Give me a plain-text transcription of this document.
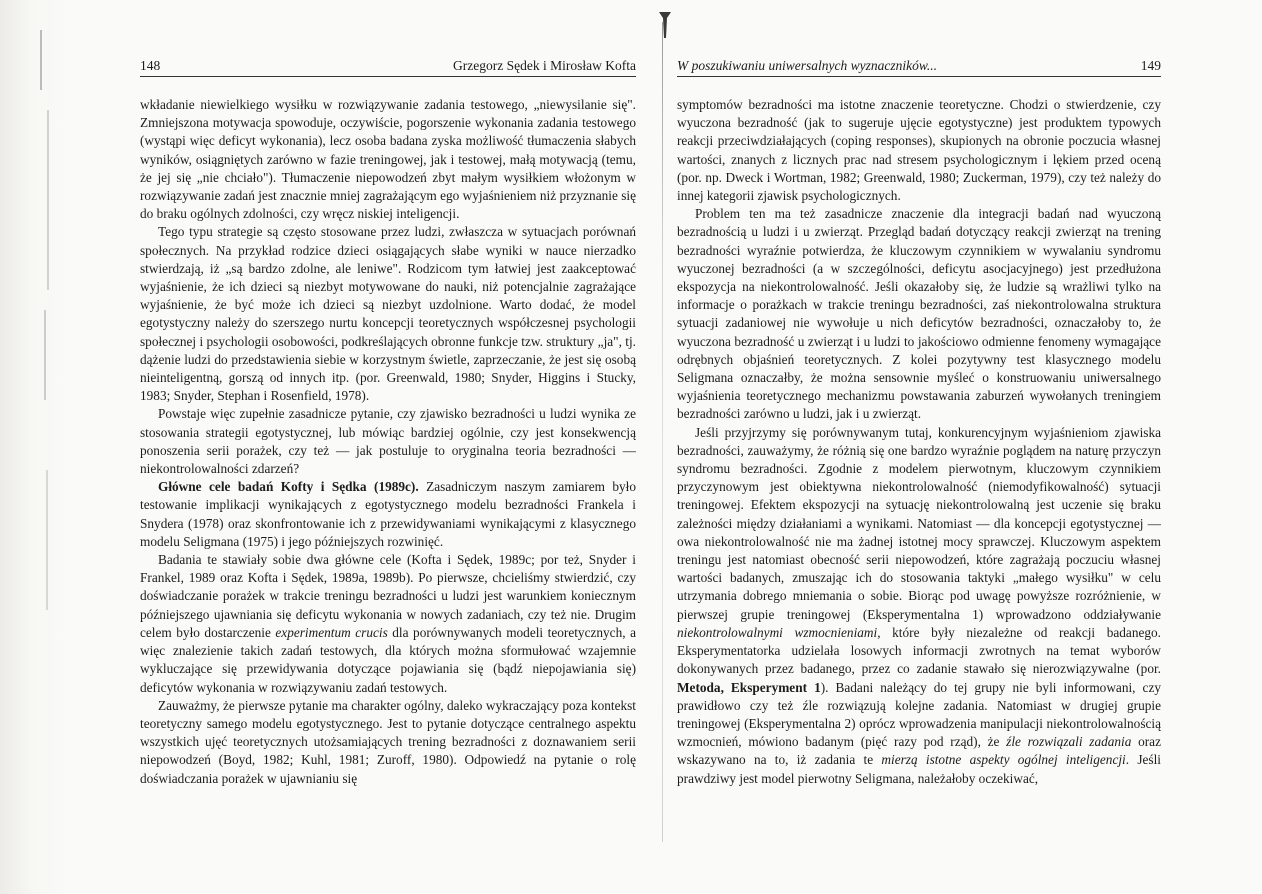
148	Grzegorz Sędek i Mirosław Kofta

wkładanie niewielkiego wysiłku w rozwiązywanie zadania testowego, „niewysilanie się". Zmniejszona motywacja spowoduje, oczywiście, pogorszenie wykonania zadania testowego (wystąpi więc deficyt wykonania), lecz osoba badana zyska możliwość tłumaczenia słabych wyników, osiągniętych zarówno w fazie treningowej, jak i testowej, małą motywacją (temu, że jej się „nie chciało"). Tłumaczenie niepowodzeń zbyt małym wysiłkiem włożonym w rozwiązywanie zadań jest znacznie mniej zagrażającym ego wyjaśnieniem niż przyznanie się do braku ogólnych zdolności, czy wręcz niskiej inteligencji.

Tego typu strategie są często stosowane przez ludzi, zwłaszcza w sytuacjach porównań społecznych. Na przykład rodzice dzieci osiągających słabe wyniki w nauce nierzadko stwierdzają, iż „są bardzo zdolne, ale leniwe". Rodzicom tym łatwiej jest zaakceptować wyjaśnienie, że ich dzieci są niezbyt motywowane do nauki, niż potencjalnie zagrażające wyjaśnienie, że być może ich dzieci są niezbyt uzdolnione. Warto dodać, że model egotystyczny należy do szerszego nurtu koncepcji teoretycznych współczesnej psychologii społecznej i psychologii osobowości, podkreślających obronne funkcje tzw. struktury „ja", tj. dążenie ludzi do przedstawienia siebie w korzystnym świetle, zaprzeczanie, że jest się osobą nieinteligentną, gorszą od innych itp. (por. Greenwald, 1980; Snyder, Higgins i Stucky, 1983; Snyder, Stephan i Rosenfield, 1978).

Powstaje więc zupełnie zasadnicze pytanie, czy zjawisko bezradności u ludzi wynika ze stosowania strategii egotystycznej, lub mówiąc bardziej ogólnie, czy jest konsekwencją ponoszenia serii porażek, czy też — jak postuluje to oryginalna teoria bezradności — niekontrolowalności zdarzeń?

Główne cele badań Kofty i Sędka (1989c). Zasadniczym naszym zamiarem było testowanie implikacji wynikających z egotystycznego modelu bezradności Frankela i Snydera (1978) oraz skonfrontowanie ich z przewidywaniami wynikającymi z klasycznego modelu Seligmana (1975) i jego późniejszych rozwinięć.

Badania te stawiały sobie dwa główne cele (Kofta i Sędek, 1989c; por też, Snyder i Frankel, 1989 oraz Kofta i Sędek, 1989a, 1989b). Po pierwsze, chcieliśmy stwierdzić, czy doświadczanie porażek w trakcie treningu bezradności u ludzi jest warunkiem koniecznym późniejszego ujawniania się deficytu wykonania w nowych zadaniach, czy też nie. Drugim celem było dostarczenie experimentum crucis dla porównywanych modeli teoretycznych, a więc znalezienie takich zadań testowych, dla których można sformułować wzajemnie wykluczające się przewidywania dotyczące pojawiania się (bądź niepojawiania się) deficytów wykonania w rozwiązywaniu zadań testowych.

Zauważmy, że pierwsze pytanie ma charakter ogólny, daleko wykraczający poza kontekst teoretyczny samego modelu egotystycznego. Jest to pytanie dotyczące centralnego aspektu wszystkich ujęć teoretycznych utożsamiających trening bezradności z doznawaniem serii niepowodzeń (Boyd, 1982; Kuhl, 1981; Zuroff, 1980). Odpowiedź na pytanie o rolę doświadczania porażek w ujawnianiu się

W poszukiwaniu uniwersalnych wyznaczników...	149

symptomów bezradności ma istotne znaczenie teoretyczne. Chodzi o stwierdzenie, czy wyuczona bezradność (jak to sugeruje ujęcie egotystyczne) jest produktem typowych reakcji przeciwdziałających (coping responses), skupionych na obronie poczucia własnej wartości, znanych z licznych prac nad stresem psychologicznym i lękiem przed oceną (por. np. Dweck i Wortman, 1982; Greenwald, 1980; Zuckerman, 1979), czy też należy do innej kategorii zjawisk psychologicznych.

Problem ten ma też zasadnicze znaczenie dla integracji badań nad wyuczoną bezradnością u ludzi i u zwierząt. Przegląd badań dotyczący reakcji zwierząt na trening bezradności wyraźnie potwierdza, że kluczowym czynnikiem w wywalaniu syndromu wyuczonej bezradności (a w szczególności, deficytu asocjacyjnego) jest przedłużona ekspozycja na niekontrolowalność. Jeśli okazałoby się, że ludzie są wrażliwi tylko na informacje o porażkach w trakcie treningu bezradności, zaś niekontrolowalna struktura sytuacji zadaniowej nie wywołuje u nich deficytów bezradności, oznaczałoby to, że wyuczona bezradność u zwierząt i u ludzi to jakościowo odmienne fenomeny wymagające odrębnych objaśnień teoretycznych. Z kolei pozytywny test klasycznego modelu Seligmana oznaczałby, że można sensownie myśleć o konstruowaniu uniwersalnego wyjaśnienia teoretycznego mechanizmu powstawania zaburzeń wywołanych treningiem bezradności zarówno u ludzi, jak i u zwierząt.

Jeśli przyjrzymy się porównywanym tutaj, konkurencyjnym wyjaśnieniom zjawiska bezradności, zauważymy, że różnią się one bardzo wyraźnie poglądem na naturę przyczyn syndromu bezradności. Zgodnie z modelem pierwotnym, kluczowym czynnikiem przyczynowym jest obiektywna niekontrolowalność (niemodyfikowalność) sytuacji treningowej. Efektem ekspozycji na sytuację niekontrolowalną jest uczenie się braku zależności między działaniami a wynikami. Natomiast — dla koncepcji egotystycznej — owa niekontrolowalność nie ma żadnej istotnej mocy sprawczej. Kluczowym aspektem treningu jest natomiast obecność serii niepowodzeń, które zagrażają poczuciu własnej wartości badanych, zmuszając ich do stosowania taktyki „małego wysiłku" w celu utrzymania dobrego mniemania o sobie. Biorąc pod uwagę powyższe rozróżnienie, w pierwszej grupie treningowej (Eksperymentalna 1) wprowadzono oddziaływanie niekontrolowalnymi wzmocnieniami, które były niezależne od reakcji badanego. Eksperymentatorka udzielała losowych informacji zwrotnych na temat wyborów dokonywanych przez badanego, przez co zadanie stawało się nierozwiązywalne (por. Metoda, Eksperyment 1). Badani należący do tej grupy nie byli informowani, czy prawidłowo czy też źle rozwiązują kolejne zadania. Natomiast w drugiej grupie treningowej (Eksperymentalna 2) oprócz wprowadzenia manipulacji niekontrolowalnością wzmocnień, mówiono badanym (pięć razy pod rząd), że źle rozwiązali zadania oraz wskazywano na to, iż zadania te mierzą istotne aspekty ogólnej inteligencji. Jeśli prawdziwy jest model pierwotny Seligmana, należałoby oczekiwać,
